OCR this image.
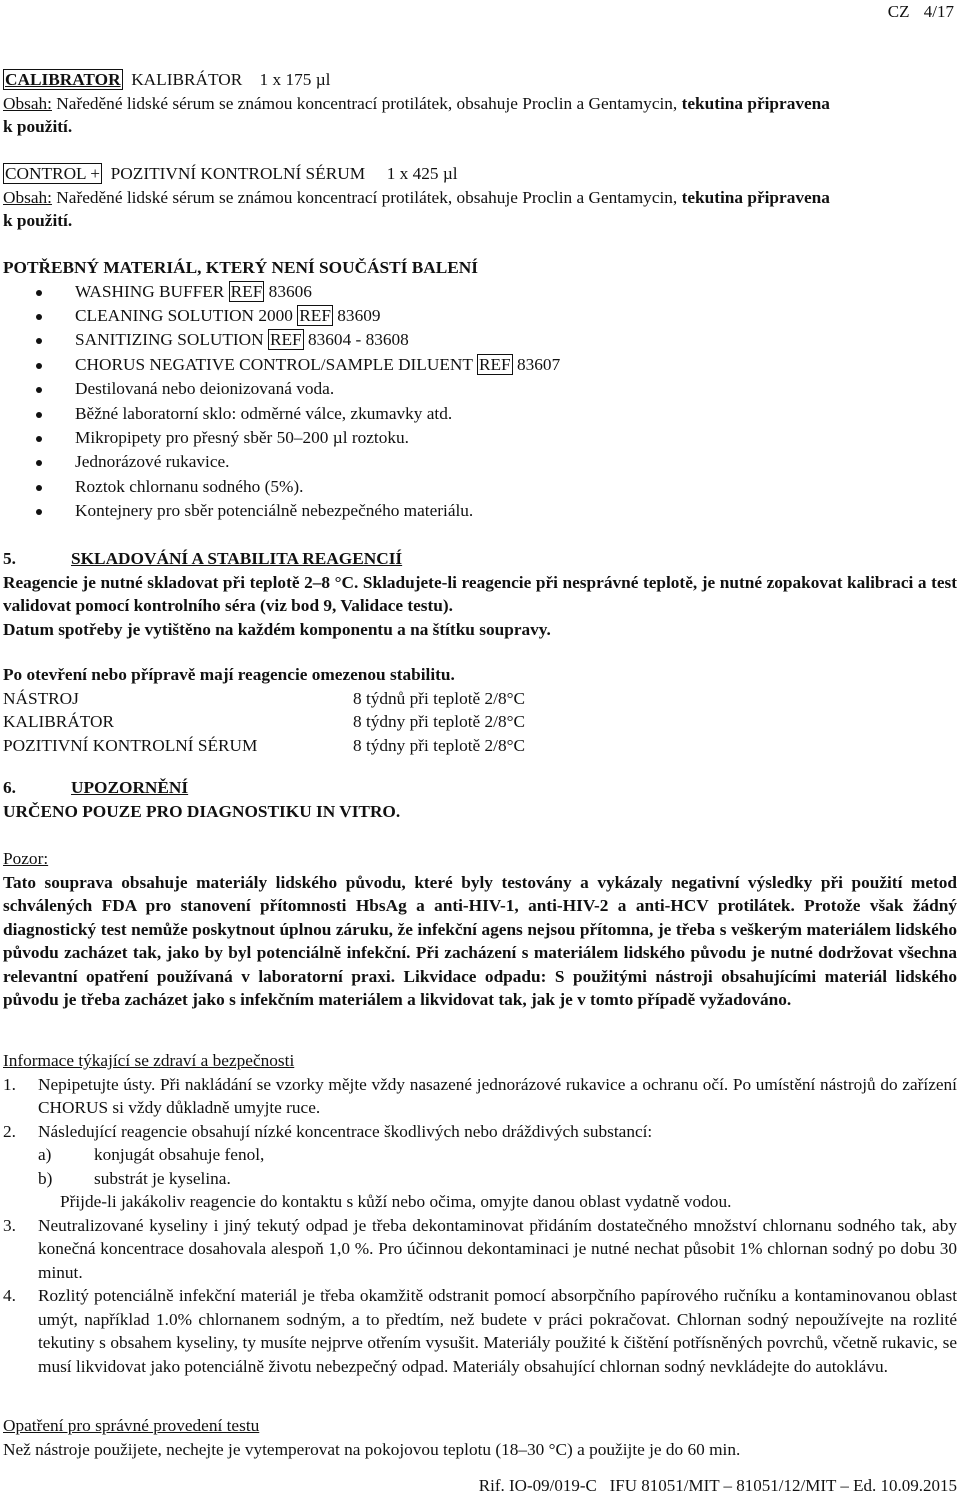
CZ 4/17

CALIBRATOR KALIBRÁTOR 1 x 175 µl

Obsah: Naředěné lidské sérum se známou koncentrací protilátek, obsahuje Proclin a Gentamycin, tekutina připravena

k použití.

CONTROL + POZITIVNÍ KONTROLNÍ SÉRUM 1 x 425 µl

Obsah: Naředěné lidské sérum se známou koncentrací protilátek, obsahuje Proclin a Gentamycin, tekutina připravena

k použití.

POTŘEBNÝ MATERIÁL, KTERÝ NENÍ SOUČÁSTÍ BALENÍ

WASHING BUFFER REF 83606
CLEANING SOLUTION 2000 REF 83609
SANITIZING SOLUTION REF 83604 - 83608
CHORUS NEGATIVE CONTROL/SAMPLE DILUENT REF 83607
Destilovaná nebo deionizovaná voda.
Běžné laboratorní sklo: odměrné válce, zkumavky atd.
Mikropipety pro přesný sběr 50–200 µl roztoku.
Jednorázové rukavice.
Roztok chlornanu sodného (5%).
Kontejnery pro sběr potenciálně nebezpečného materiálu.

5.	SKLADOVÁNÍ A STABILITA REAGENCIÍ

Reagencie je nutné skladovat při teplotě 2–8 °C. Skladujete-li reagencie při nesprávné teplotě, je nutné zopakovat kalibraci a test validovat pomocí kontrolního séra (viz bod 9, Validace testu).

Datum spotřeby je vytištěno na každém komponentu a na štítku soupravy.

Po otevření nebo přípravě mají reagencie omezenou stabilitu.

NÁSTROJ	8 týdnů při teplotě 2/8°C
KALIBRÁTOR	8 týdny při teplotě 2/8°C
POZITIVNÍ KONTROLNÍ SÉRUM	8 týdny při teplotě 2/8°C

6.	UPOZORNĚNÍ

URČENO POUZE PRO DIAGNOSTIKU IN VITRO.

Pozor:

Tato souprava obsahuje materiály lidského původu, které byly testovány a vykázaly negativní výsledky při použití metod schválených FDA pro stanovení přítomnosti HbsAg a anti-HIV-1, anti-HIV-2 a anti-HCV protilátek. Protože však žádný diagnostický test nemůže poskytnout úplnou záruku, že infekční agens nejsou přítomna, je třeba s veškerým materiálem lidského původu zacházet tak, jako by byl potenciálně infekční. Při zacházení s materiálem lidského původu je nutné dodržovat všechna relevantní opatření používaná v laboratorní praxi. Likvidace odpadu: S použitými nástroji obsahujícími materiál lidského původu je třeba zacházet jako s infekčním materiálem a likvidovat tak, jak je v tomto případě vyžadováno.

Informace týkající se zdraví a bezpečnosti

1. Nepipetujte ústy. Při nakládání se vzorky mějte vždy nasazené jednorázové rukavice a ochranu očí. Po umístění nástrojů do zařízení CHORUS si vždy důkladně umyjte ruce.
2. Následující reagencie obsahují nízké koncentrace škodlivých nebo dráždivých substancí:
a) konjugát obsahuje fenol,
b) substrát je kyselina.
Přijde-li jakákoliv reagencie do kontaktu s kůží nebo očima, omyjte danou oblast vydatně vodou.
3. Neutralizované kyseliny i jiný tekutý odpad je třeba dekontaminovat přidáním dostatečného množství chlornanu sodného tak, aby konečná koncentrace dosahovala alespoň 1,0 %. Pro účinnou dekontaminaci je nutné nechat působit 1% chlornan sodný po dobu 30 minut.
4. Rozlitý potenciálně infekční materiál je třeba okamžitě odstranit pomocí absorpčního papírového ručníku a kontaminovanou oblast umýt, například 1.0% chlornanem sodným, a to předtím, než budete v práci pokračovat. Chlornan sodný nepoužívejte na rozlité tekutiny s obsahem kyseliny, ty musíte nejprve otřením vysušit. Materiály použité k čištění potřísněných povrchů, včetně rukavic, se musí likvidovat jako potenciálně životu nebezpečný odpad. Materiály obsahující chlornan sodný nevkládejte do autoklávu.

Opatření pro správné provedení testu

Než nástroje použijete, nechejte je vytemperovat na pokojovou teplotu (18–30 °C) a použijte je do 60 min.

Rif. IO-09/019-C   IFU 81051/MIT – 81051/12/MIT – Ed. 10.09.2015
